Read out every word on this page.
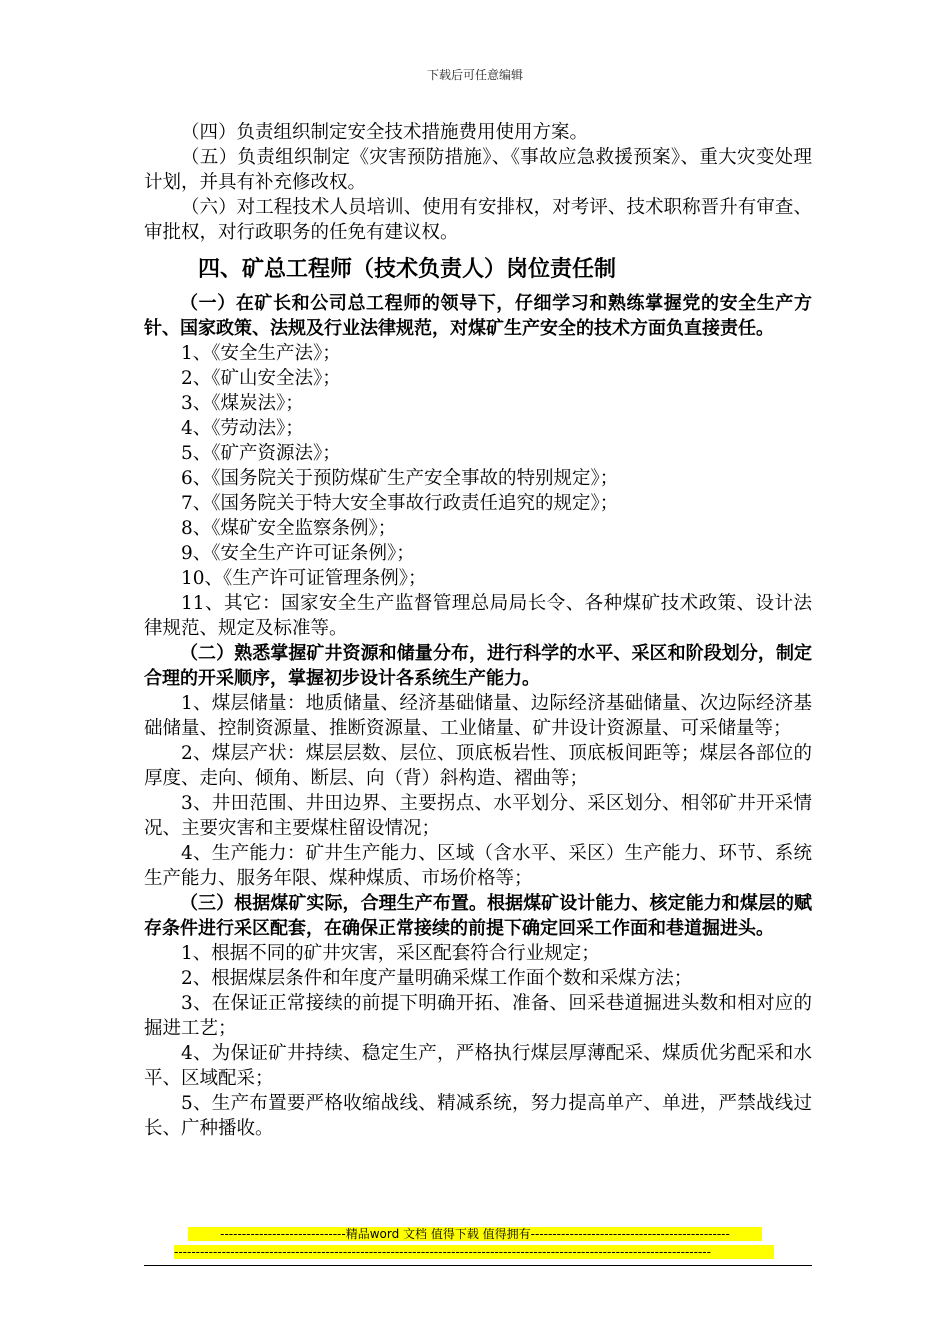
下载后可任意编辑

（四）负责组织制定安全技术措施费用使用方案。

（五）负责组织制定《灾害预防措施》、《事故应急救援预案》、重大灾变处理计划，并具有补充修改权。

（六）对工程技术人员培训、使用有安排权，对考评、技术职称晋升有审查、审批权，对行政职务的任免有建议权。

四、矿总工程师（技术负责人）岗位责任制

（一）在矿长和公司总工程师的领导下，仔细学习和熟练掌握党的安全生产方针、国家政策、法规及行业法律规范，对煤矿生产安全的技术方面负直接责任。

1、《安全生产法》；

2、《矿山安全法》；

3、《煤炭法》；

4、《劳动法》；

5、《矿产资源法》；

6、《国务院关于预防煤矿生产安全事故的特别规定》；

7、《国务院关于特大安全事故行政责任追究的规定》；

8、《煤矿安全监察条例》；

9、《安全生产许可证条例》；

10、《生产许可证管理条例》；

11、其它：国家安全生产监督管理总局局长令、各种煤矿技术政策、设计法律规范、规定及标准等。

（二）熟悉掌握矿井资源和储量分布，进行科学的水平、采区和阶段划分，制定合理的开采顺序，掌握初步设计各系统生产能力。

1、煤层储量：地质储量、经济基础储量、边际经济基础储量、次边际经济基础储量、控制资源量、推断资源量、工业储量、矿井设计资源量、可采储量等；

2、煤层产状：煤层层数、层位、顶底板岩性、顶底板间距等；煤层各部位的厚度、走向、倾角、断层、向（背）斜构造、褶曲等；

3、井田范围、井田边界、主要拐点、水平划分、采区划分、相邻矿井开采情况、主要灾害和主要煤柱留设情况；

4、生产能力：矿井生产能力、区域（含水平、采区）生产能力、环节、系统生产能力、服务年限、煤种煤质、市场价格等；

（三）根据煤矿实际，合理生产布置。根据煤矿设计能力、核定能力和煤层的赋存条件进行采区配套，在确保正常接续的前提下确定回采工作面和巷道掘进头。

1、根据不同的矿井灾害，采区配套符合行业规定；

2、根据煤层条件和年度产量明确采煤工作面个数和采煤方法；

3、在保证正常接续的前提下明确开拓、准备、回采巷道掘进头数和相对应的掘进工艺；

4、为保证矿井持续、稳定生产，严格执行煤层厚薄配采、煤质优劣配采和水平、区域配采；

5、生产布置要严格收缩战线、精减系统，努力提高单产、单进，严禁战线过长、广种播收。

-----------------------------精品word 文档 值得下载 值得拥有----------------------------------------------
----------------------------------------------------------------------------------------------------------------------------
